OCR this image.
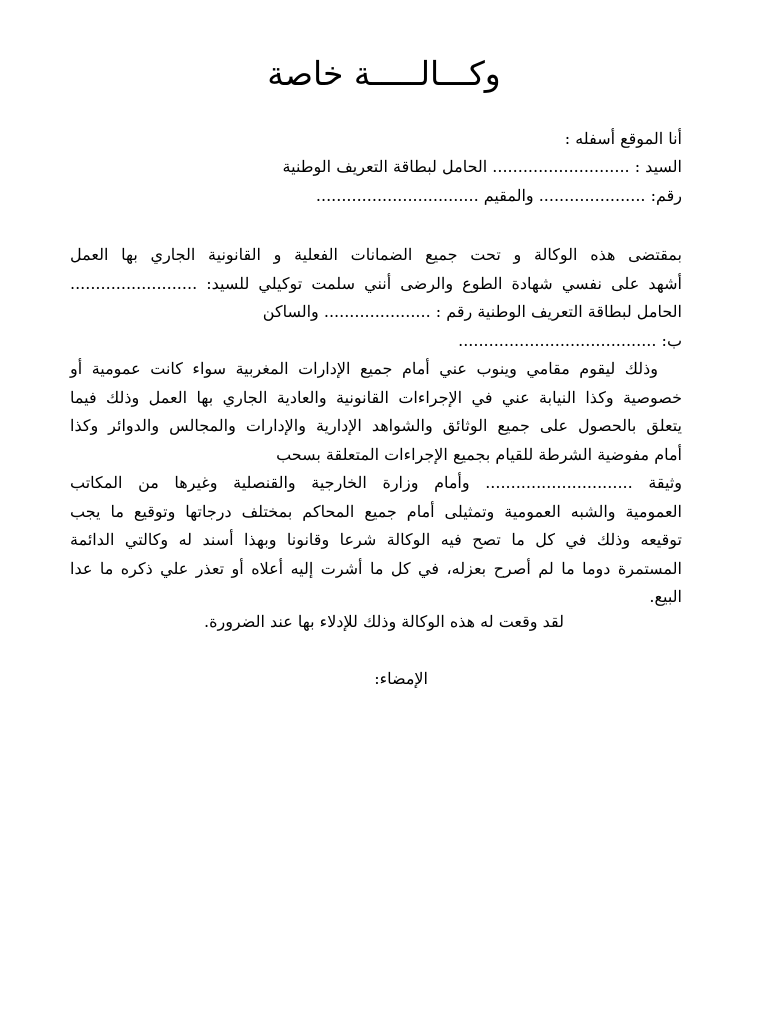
وكـــالـــــة خاصة
أنا الموقع أسفله :
السيد : ........................... الحامل لبطاقة التعريف الوطنية
رقم: ..................... والمقيم ................................
بمقتضى هذه الوكالة و تحت جميع الضمانات الفعلية و القانونية الجاري بها العمل
أشهد على نفسي شهادة الطوع والرضى أنني سلمت توكيلي للسيد: .........................
الحامل لبطاقة التعريف الوطنية رقم : ..................... والساكن
ب: .......................................
وذلك ليقوم مقامي وينوب عني أمام جميع الإدارات المغربية سواء كانت عمومية أو
خصوصية وكذا النيابة عني في الإجراءات القانونية والعادية الجاري بها العمل وذلك فيما
يتعلق بالحصول على جميع الوثائق والشواهد الإدارية والإدارات والمجالس والدوائر وكذا
أمام مفوضية الشرطة للقيام بجميع الإجراءات المتعلقة بسحب
وثيقة ............................. وأمام وزارة الخارجية والقنصلية وغيرها من المكاتب
العمومية والشبه العمومية وتمثيلى أمام جميع المحاكم بمختلف درجاتها وتوقيع ما يجب
توقيعه وذلك في كل ما تصح فيه الوكالة شرعا وقانونا وبهذا أسند له وكالتي الدائمة
المستمرة دوما ما لم أصرح بعزله، في كل ما أشرت إليه أعلاه أو تعذر علي ذكره ما عدا
البيع.
لقد وقعت له هذه الوكالة وذلك للإدلاء بها عند الضرورة.
الإمضاء:
